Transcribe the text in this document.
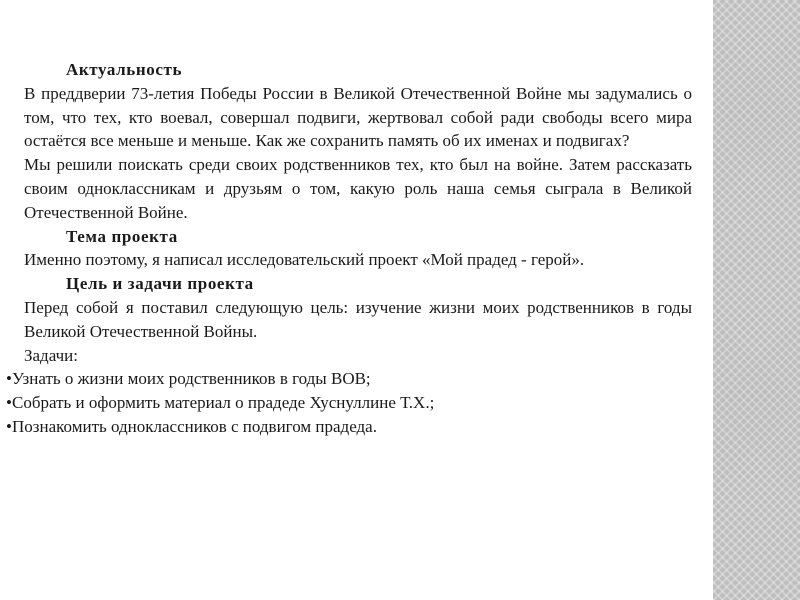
Актуальность
В преддверии 73-летия Победы России в Великой Отечественной Войне мы задумались о том, что тех, кто воевал, совершал подвиги, жертвовал собой ради свободы всего мира остаётся все меньше и меньше. Как же сохранить память об их именах и подвигах?
Мы решили поискать среди своих родственников тех, кто был на войне. Затем рассказать своим одноклассникам и друзьям о том, какую роль наша семья сыграла в Великой Отечественной Войне.
Тема проекта
Именно поэтому, я написал исследовательский проект «Мой прадед - герой».
Цель и задачи проекта
Перед собой я поставил следующую цель: изучение жизни моих родственников в годы Великой Отечественной Войны.
Задачи:
•Узнать о жизни моих родственников в годы ВОВ;
•Собрать и оформить материал о прадеде Хуснуллине Т.Х.;
•Познакомить одноклассников с подвигом прадеда.
